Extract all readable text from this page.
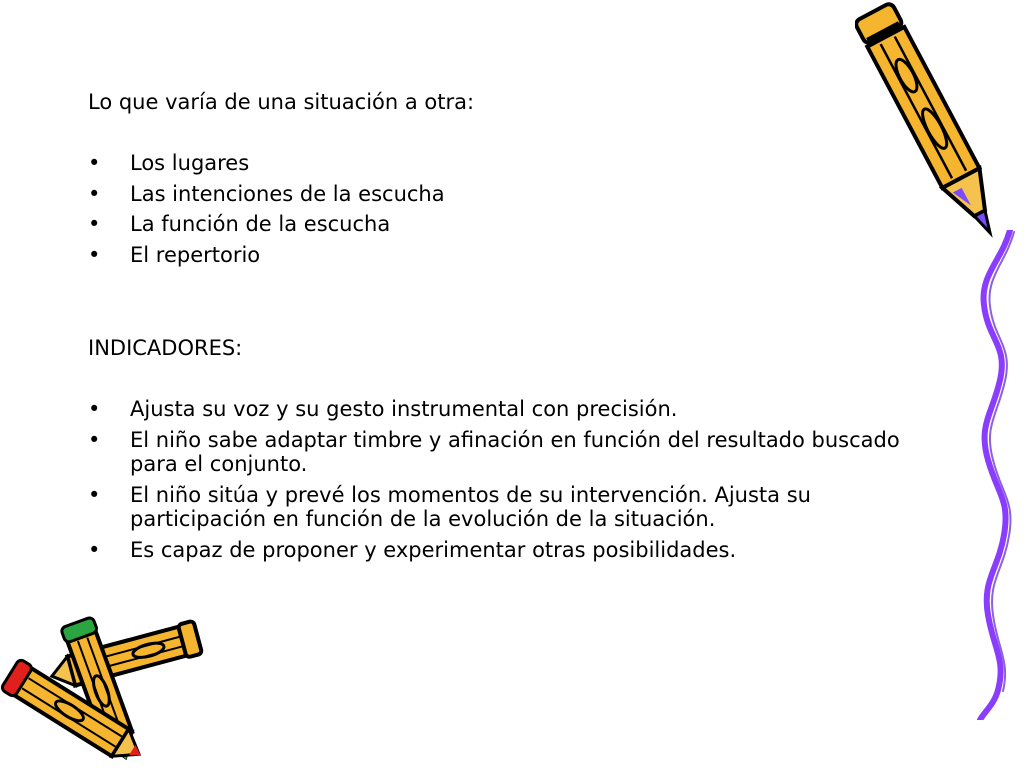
Lo que varía de una situación a otra:
• Los lugares
• Las intenciones de la escucha
• La función de la escucha
• El repertorio
INDICADORES:
• Ajusta su voz y su gesto instrumental con precisión.
• El niño sabe adaptar timbre y afinación en función del resultado buscado para el conjunto.
• El niño sitúa y prevé los momentos de su intervención. Ajusta su participación en función de la evolución de la situación.
• Es capaz de proponer y experimentar otras posibilidades.
